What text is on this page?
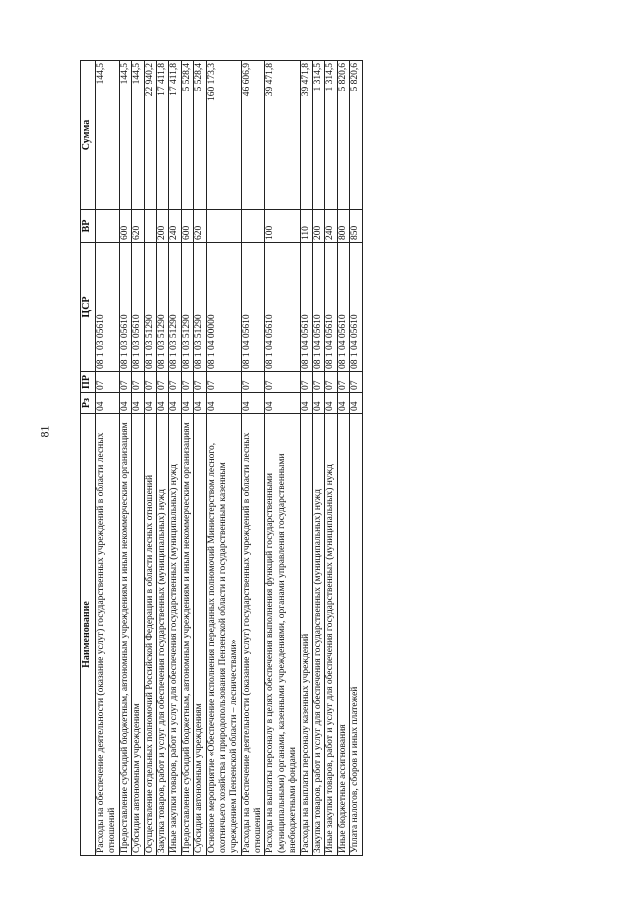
81
Наименование	Рз	ПР	ЦСР	ВР	Сумма
Расходы на обеспечение деятельности (оказание услуг) государственных учреждений в области лесных отношений	04	07	08 1 03 05610		144,5
Предоставление субсидий бюджетным, автономным учреждениям и иным некоммерческим организациям	04	07	08 1 03 05610	600	144,5
Субсидии автономным учреждениям	04	07	08 1 03 05610	620	144,5
Осуществление отдельных полномочий Российской Федерации в области лесных отношений	04	07	08 1 03 51290		22 940,2
Закупка товаров, работ и услуг для обеспечения государственных (муниципальных) нужд	04	07	08 1 03 51290	200	17 411,8
Иные закупки товаров, работ и услуг для обеспечения государственных (муниципальных) нужд	04	07	08 1 03 51290	240	17 411,8
Предоставление субсидий бюджетным, автономным учреждениям и иным некоммерческим организациям	04	07	08 1 03 51290	600	5 528,4
Субсидии автономным учреждениям	04	07	08 1 03 51290	620	5 528,4
Основное мероприятие «Обеспечение исполнения переданных полномочий Министерством лесного, охотничьего хозяйства и природопользования Пензенской области и государственным казенным учреждением Пензенской области – лесничествами»	04	07	08 1 04 00000		160 173,3
Расходы на обеспечение деятельности (оказание услуг) государственных учреждений в области лесных отношений	04	07	08 1 04 05610		46 606,9
Расходы на выплаты персоналу в целях обеспечения выполнения функций государственными (муниципальными) органами, казенными учреждениями, органами управления государственными внебюджетными фондами	04	07	08 1 04 05610	100	39 471,8
Расходы на выплаты персоналу казенных учреждений	04	07	08 1 04 05610	110	39 471,8
Закупка товаров, работ и услуг для обеспечения государственных (муниципальных) нужд	04	07	08 1 04 05610	200	1 314,5
Иные закупки товаров, работ и услуг для обеспечения государственных (муниципальных) нужд	04	07	08 1 04 05610	240	1 314,5
Иные бюджетные ассигнования	04	07	08 1 04 05610	800	5 820,6
Уплата налогов, сборов и иных платежей	04	07	08 1 04 05610	850	5 820,6
